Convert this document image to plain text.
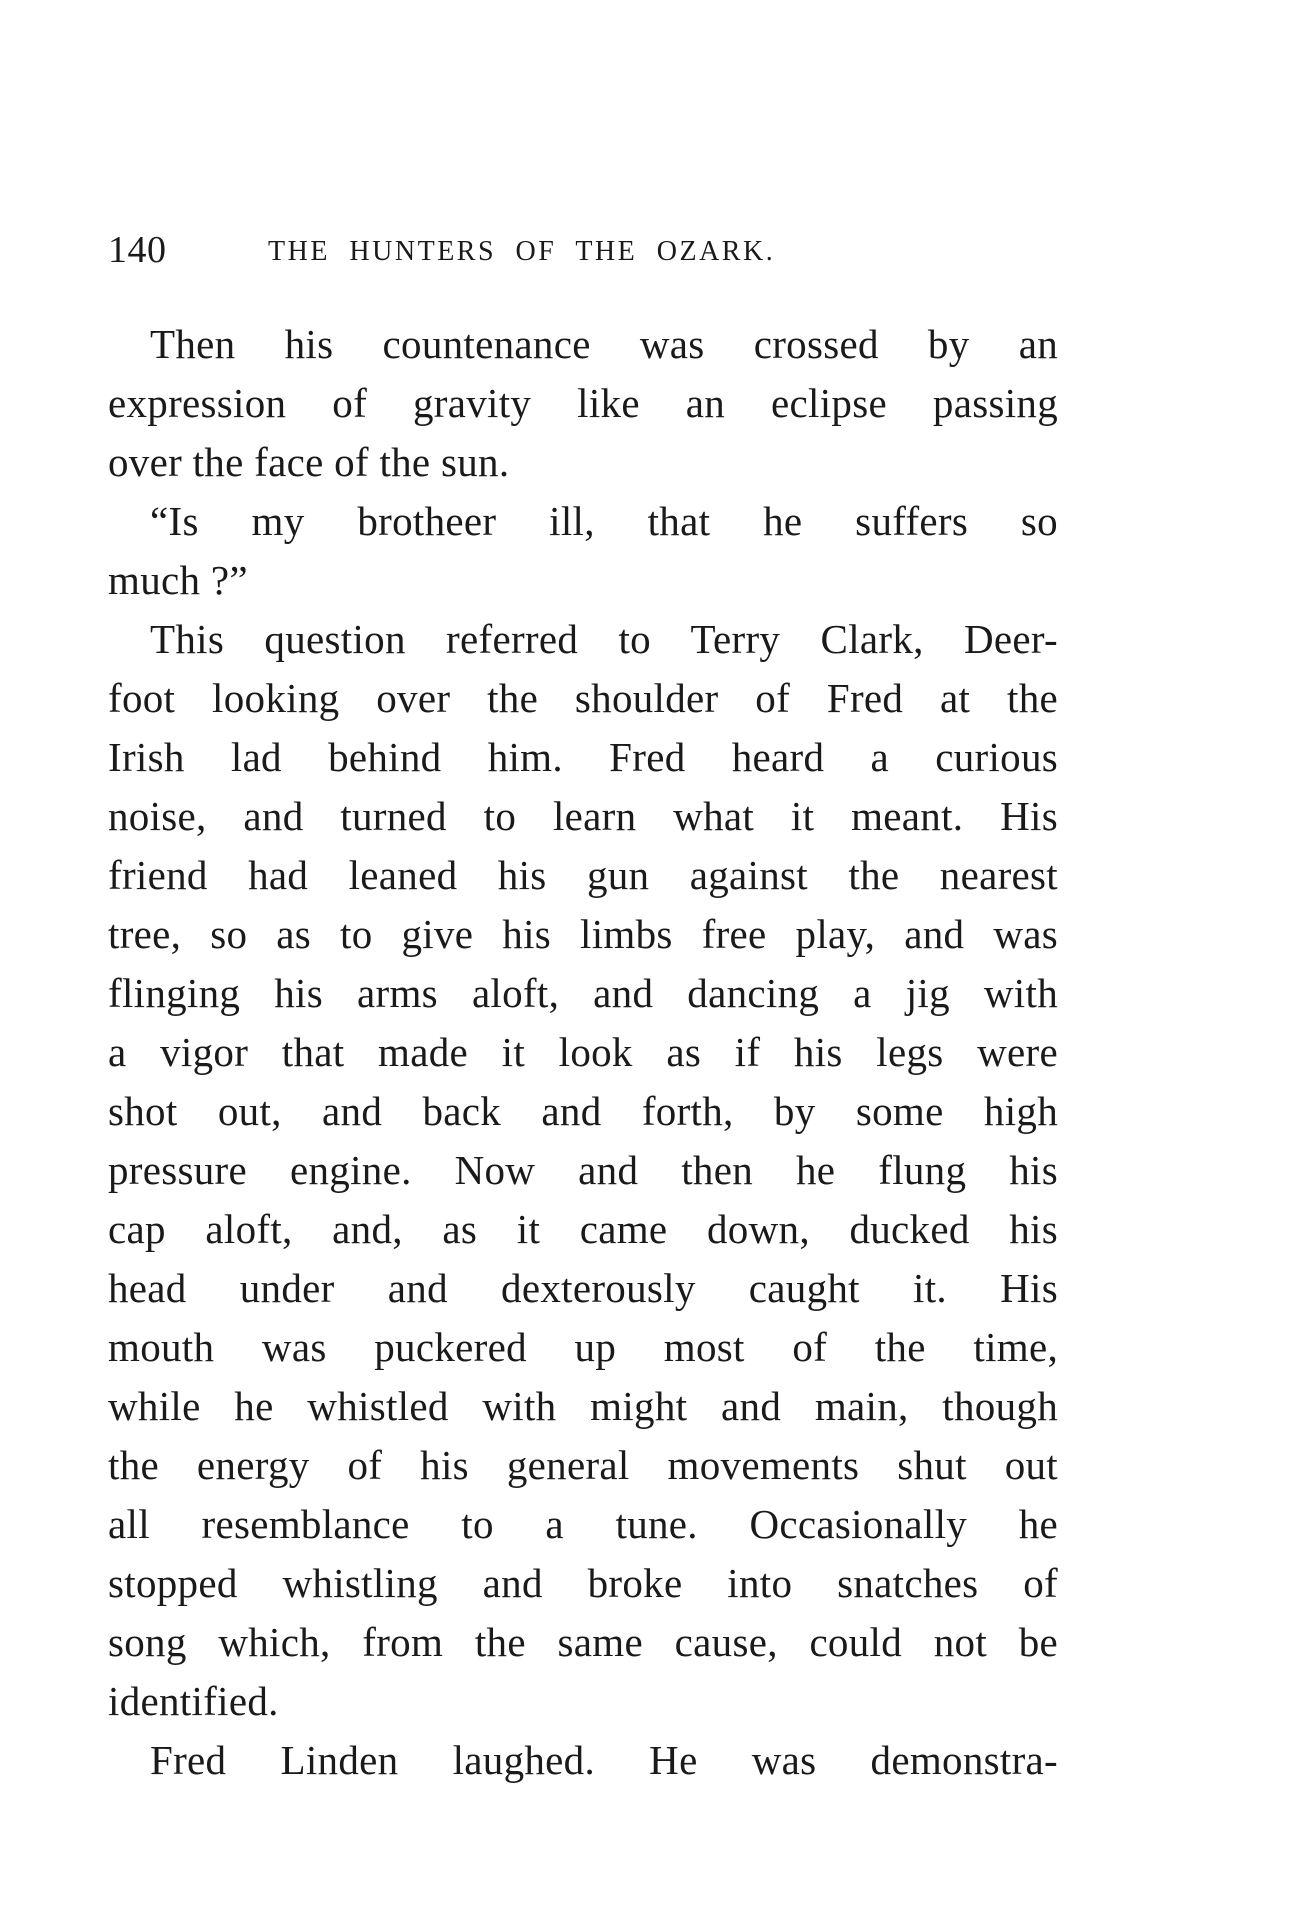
140	THE HUNTERS OF THE OZARK.
Then his countenance was crossed by an
expression of gravity like an eclipse passing
over the face of the sun.
“Is my brotheer ill, that he suffers so
much ?”
This question referred to Terry Clark, Deer-
foot looking over the shoulder of Fred at the
Irish lad behind him. Fred heard a curious
noise, and turned to learn what it meant. His
friend had leaned his gun against the nearest
tree, so as to give his limbs free play, and was
flinging his arms aloft, and dancing a jig with
a vigor that made it look as if his legs were
shot out, and back and forth, by some high
pressure engine. Now and then he flung his
cap aloft, and, as it came down, ducked his
head under and dexterously caught it. His
mouth was puckered up most of the time,
while he whistled with might and main, though
the energy of his general movements shut out
all resemblance to a tune. Occasionally he
stopped whistling and broke into snatches of
song which, from the same cause, could not be
identified.
Fred Linden laughed. He was demonstra-
